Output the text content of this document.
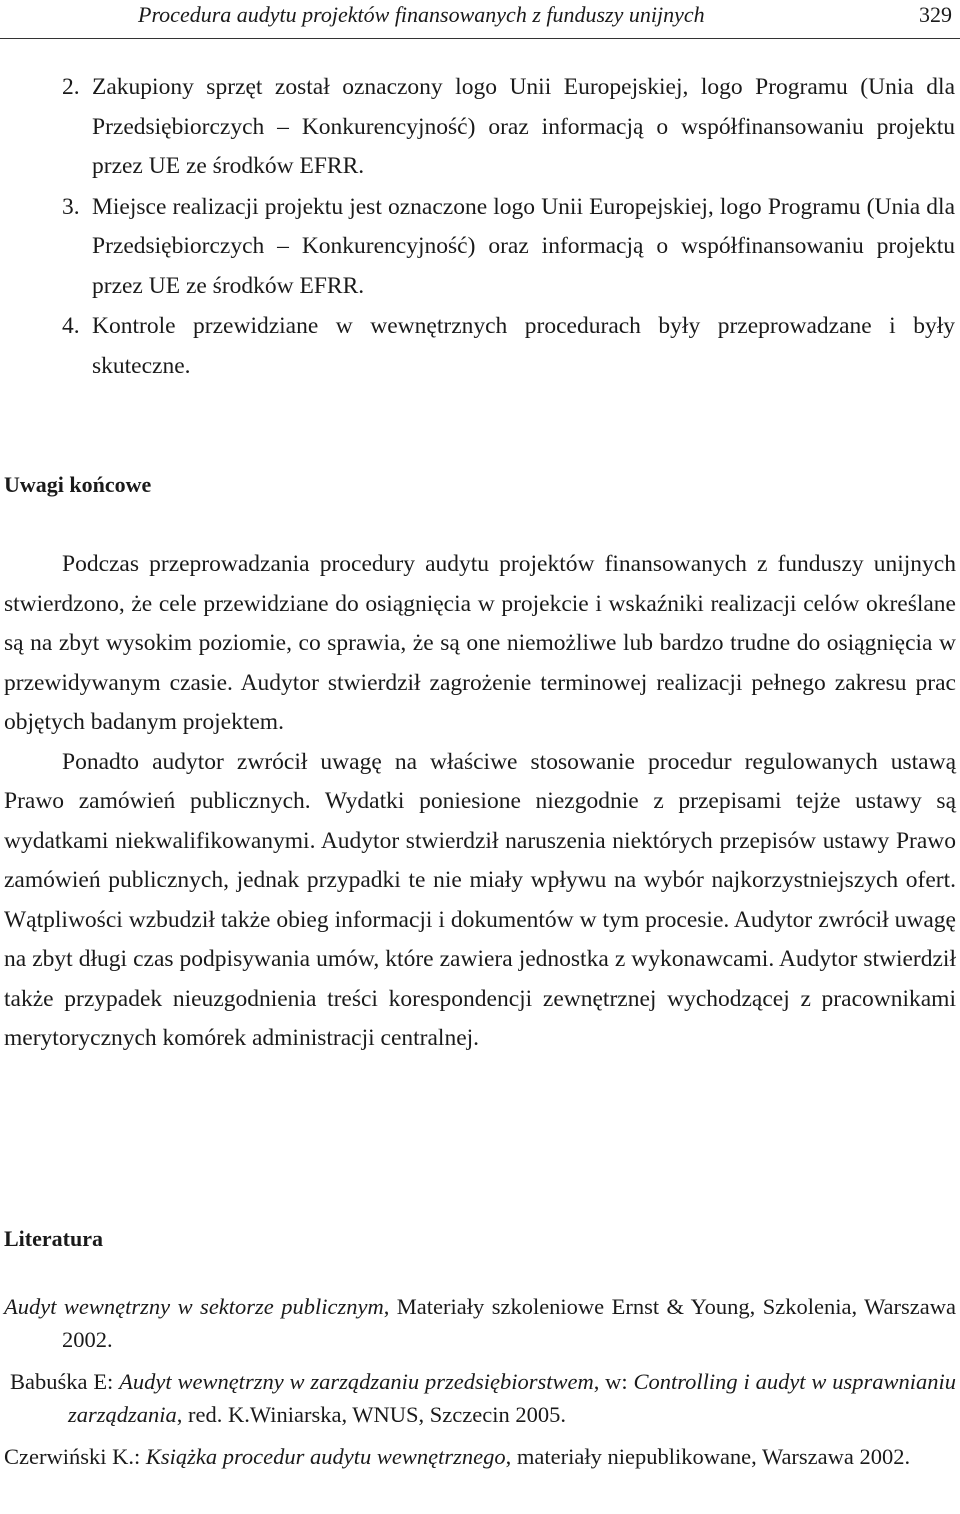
Procedura audytu projektów finansowanych z funduszy unijnych	329
2. Zakupiony sprzęt został oznaczony logo Unii Europejskiej, logo Programu (Unia dla Przedsiębiorczych – Konkurencyjność) oraz informacją o współfinansowaniu projektu przez UE ze środków EFRR.
3. Miejsce realizacji projektu jest oznaczone logo Unii Europejskiej, logo Programu (Unia dla Przedsiębiorczych – Konkurencyjność) oraz informacją o współfinansowaniu projektu przez UE ze środków EFRR.
4. Kontrole przewidziane w wewnętrznych procedurach były przeprowadzane i były skuteczne.
Uwagi końcowe

Podczas przeprowadzania procedury audytu projektów finansowanych z funduszy unijnych stwierdzono, że cele przewidziane do osiągnięcia w projekcie i wskaźniki realizacji celów określane są na zbyt wysokim poziomie, co sprawia, że są one niemożliwe lub bardzo trudne do osiągnięcia w przewidywanym czasie. Audytor stwierdził zagrożenie terminowej realizacji pełnego zakresu prac objętych badanym projektem.

Ponadto audytor zwrócił uwagę na właściwe stosowanie procedur regulowanych ustawą Prawo zamówień publicznych. Wydatki poniesione niezgodnie z przepisami tejże ustawy są wydatkami niekwalifikowanymi. Audytor stwierdził naruszenia niektórych przepisów ustawy Prawo zamówień publicznych, jednak przypadki te nie miały wpływu na wybór najkorzystniejszych ofert. Wątpliwości wzbudził także obieg informacji i dokumentów w tym procesie. Audytor zwrócił uwagę na zbyt długi czas podpisywania umów, które zawiera jednostka z wykonawcami. Audytor stwierdził także przypadek nieuzgodnienia treści korespondencji zewnętrznej wychodzącej z pracownikami merytorycznych komórek administracji centralnej.

Literatura
Audyt wewnętrzny w sektorze publicznym, Materiały szkoleniowe Ernst & Young, Szkolenia, Warszawa 2002.
Babuśka E: Audyt wewnętrzny w zarządzaniu przedsiębiorstwem, w: Controlling i audyt w usprawnianiu zarządzania, red. K.Winiarska, WNUS, Szczecin 2005.
Czerwiński K.: Książka procedur audytu wewnętrznego, materiały niepublikowane, Warszawa 2002.
